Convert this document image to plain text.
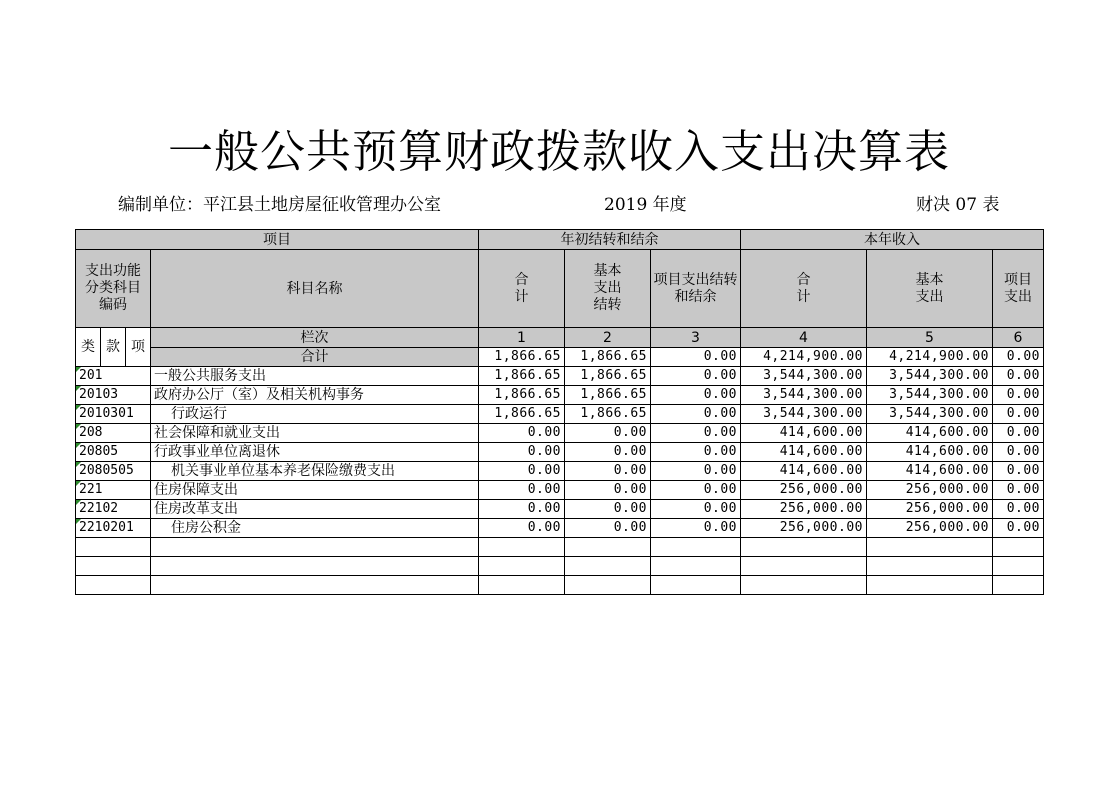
一般公共预算财政拨款收入支出决算表
编制单位：平江县土地房屋征收管理办公室	2019 年度	财决 07 表
项目				年初结转和结余			本年收入		
支出功能分类科目编码			科目名称	合计	基本支出结转	项目支出结转和结余	合计	基本支出	项目支出
类	款	项	栏次	1	2	3	4	5	6
			合计	1,866.65	1,866.65	0.00	4,214,900.00	4,214,900.00	0.00
201			一般公共服务支出	1,866.65	1,866.65	0.00	3,544,300.00	3,544,300.00	0.00
20103			政府办公厅（室）及相关机构事务	1,866.65	1,866.65	0.00	3,544,300.00	3,544,300.00	0.00
2010301			行政运行	1,866.65	1,866.65	0.00	3,544,300.00	3,544,300.00	0.00
208			社会保障和就业支出	0.00	0.00	0.00	414,600.00	414,600.00	0.00
20805			行政事业单位离退休	0.00	0.00	0.00	414,600.00	414,600.00	0.00
2080505			机关事业单位基本养老保险缴费支出	0.00	0.00	0.00	414,600.00	414,600.00	0.00
221			住房保障支出	0.00	0.00	0.00	256,000.00	256,000.00	0.00
22102			住房改革支出	0.00	0.00	0.00	256,000.00	256,000.00	0.00
2210201			住房公积金	0.00	0.00	0.00	256,000.00	256,000.00	0.00
